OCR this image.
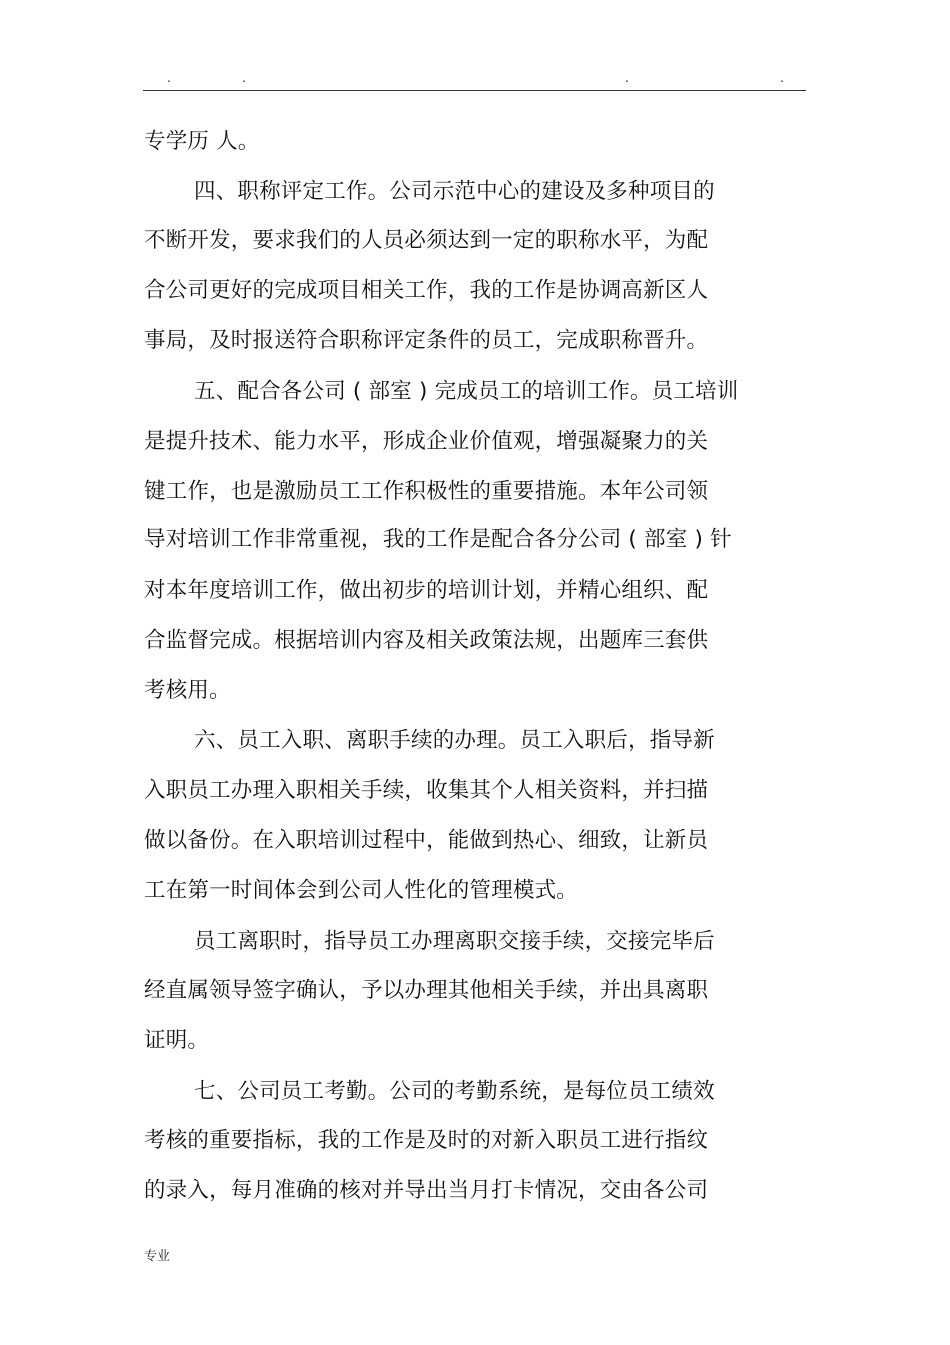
.	.	.	.
专学历 人。
四、职称评定工作。公司示范中心的建设及多种项目的
不断开发，要求我们的人员必须达到一定的职称水平，为配
合公司更好的完成项目相关工作，我的工作是协调高新区人
事局，及时报送符合职称评定条件的员工，完成职称晋升。
五、配合各公司 ( 部室 ) 完成员工的培训工作。员工培训
是提升技术、能力水平，形成企业价值观，增强凝聚力的关
键工作，也是激励员工工作积极性的重要措施。本年公司领
导对培训工作非常重视，我的工作是配合各分公司 ( 部室 ) 针
对本年度培训工作，做出初步的培训计划，并精心组织、配
合监督完成。根据培训内容及相关政策法规，出题库三套供
考核用。
六、员工入职、离职手续的办理。员工入职后，指导新
入职员工办理入职相关手续，收集其个人相关资料，并扫描
做以备份。在入职培训过程中，能做到热心、细致，让新员
工在第一时间体会到公司人性化的管理模式。
员工离职时，指导员工办理离职交接手续，交接完毕后
经直属领导签字确认，予以办理其他相关手续，并出具离职
证明。
七、公司员工考勤。公司的考勤系统，是每位员工绩效
考核的重要指标，我的工作是及时的对新入职员工进行指纹
的录入，每月准确的核对并导出当月打卡情况，交由各公司
专业
